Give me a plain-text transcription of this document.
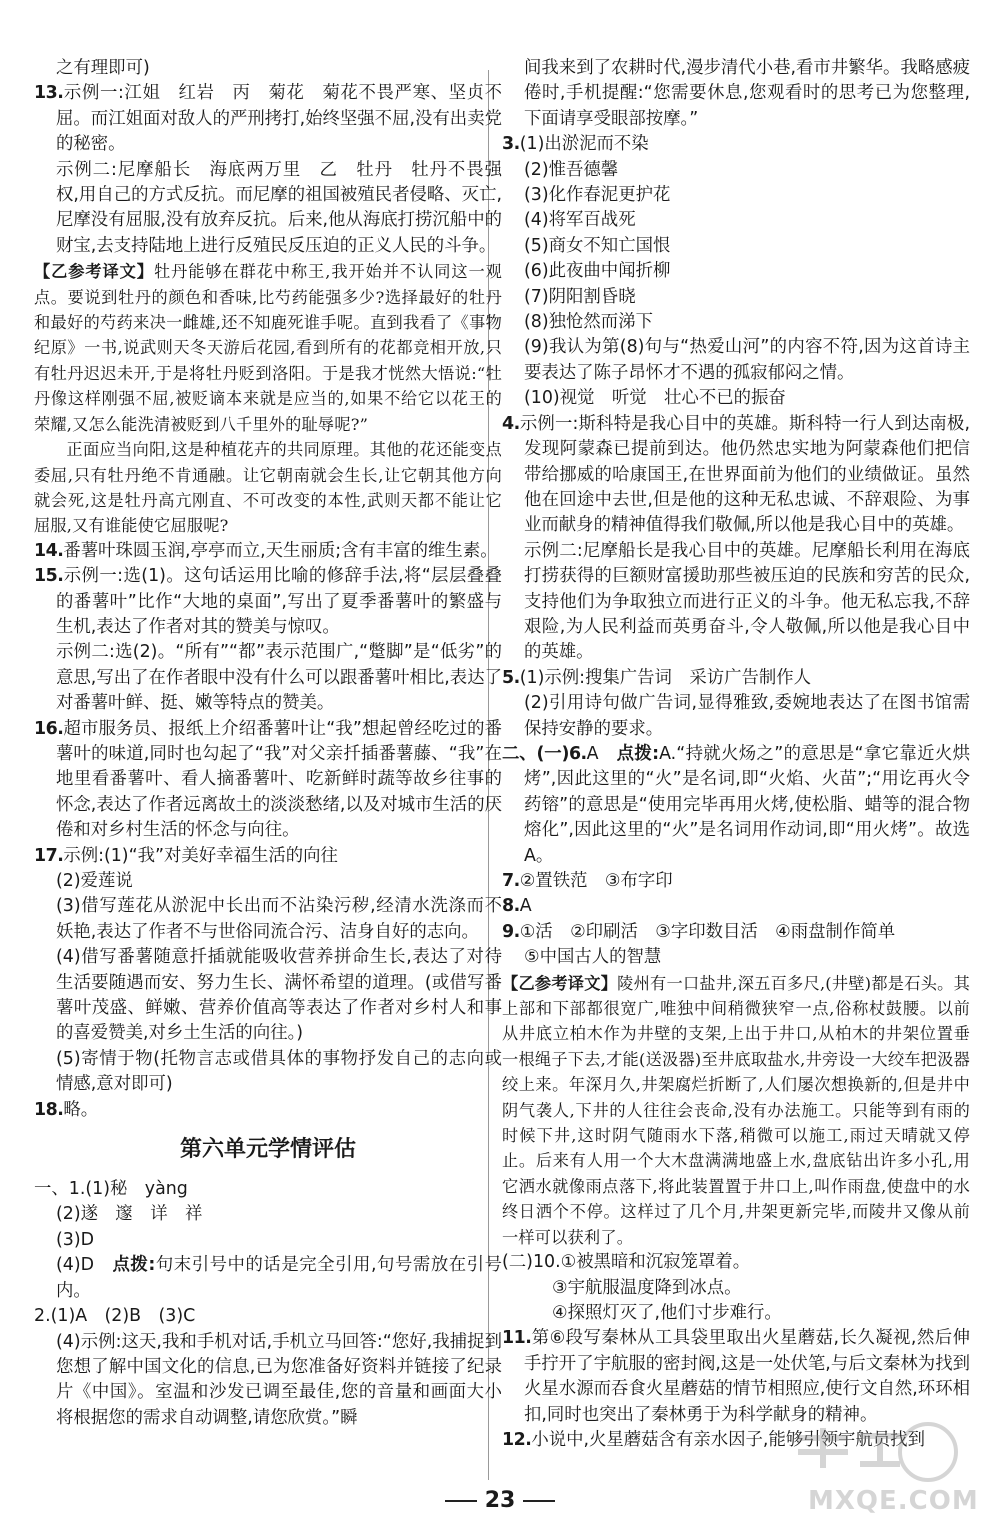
之有理即可)

13.示例一:江姐　红岩　丙　菊花　菊花不畏严寒、坚贞不屈。而江姐面对敌人的严刑拷打,始终坚强不屈,没有出卖党的秘密。

示例二:尼摩船长　海底两万里　乙　牡丹　牡丹不畏强权,用自己的方式反抗。而尼摩的祖国被殖民者侵略、灭亡,尼摩没有屈服,没有放弃反抗。后来,他从海底打捞沉船中的财宝,去支持陆地上进行反殖民反压迫的正义人民的斗争。

【乙参考译文】牡丹能够在群花中称王,我开始并不认同这一观点。要说到牡丹的颜色和香味,比芍药能强多少?选择最好的牡丹和最好的芍药来决一雌雄,还不知鹿死谁手呢。直到我看了《事物纪原》一书,说武则天冬天游后花园,看到所有的花都竞相开放,只有牡丹迟迟未开,于是将牡丹贬到洛阳。于是我才恍然大悟说:“牡丹像这样刚强不屈,被贬谪本来就是应当的,如果不给它以花王的荣耀,又怎么能洗清被贬到八千里外的耻辱呢?”

正面应当向阳,这是种植花卉的共同原理。其他的花还能变点委屈,只有牡丹绝不肯通融。让它朝南就会生长,让它朝其他方向就会死,这是牡丹高亢刚直、不可改变的本性,武则天都不能让它屈服,又有谁能使它屈服呢?

14.番薯叶珠圆玉润,亭亭而立,天生丽质;含有丰富的维生素。

15.示例一:选(1)。这句话运用比喻的修辞手法,将“层层叠叠的番薯叶”比作“大地的桌面”,写出了夏季番薯叶的繁盛与生机,表达了作者对其的赞美与惊叹。

示例二:选(2)。“所有”“都”表示范围广,“蹩脚”是“低劣”的意思,写出了在作者眼中没有什么可以跟番薯叶相比,表达了对番薯叶鲜、挺、嫩等特点的赞美。

16.超市服务员、报纸上介绍番薯叶让“我”想起曾经吃过的番薯叶的味道,同时也勾起了“我”对父亲扦插番薯藤、“我”在地里看番薯叶、看人摘番薯叶、吃新鲜时蔬等故乡往事的怀念,表达了作者远离故土的淡淡愁绪,以及对城市生活的厌倦和对乡村生活的怀念与向往。

17.示例:(1)“我”对美好幸福生活的向往

(2)爱莲说

(3)借写莲花从淤泥中长出而不沾染污秽,经清水洗涤而不妖艳,表达了作者不与世俗同流合污、洁身自好的志向。

(4)借写番薯随意扦插就能吸收营养拼命生长,表达了对待生活要随遇而安、努力生长、满怀希望的道理。(或借写番薯叶茂盛、鲜嫩、营养价值高等表达了作者对乡村人和事的喜爱赞美,对乡土生活的向往。)

(5)寄情于物(托物言志或借具体的事物抒发自己的志向或情感,意对即可)

18.略。

第六单元学情评估

一、1.(1)秘　yàng

(2)遂　邃　详　祥

(3)D

(4)D　点拨:句末引号中的话是完全引用,句号需放在引号内。

2.(1)A　(2)B　(3)C

(4)示例:这天,我和手机对话,手机立马回答:“您好,我捕捉到您想了解中国文化的信息,已为您准备好资料并链接了纪录片《中国》。室温和沙发已调至最佳,您的音量和画面大小将根据您的需求自动调整,请您欣赏。”瞬

间我来到了农耕时代,漫步清代小巷,看市井繁华。我略感疲倦时,手机提醒:“您需要休息,您观看时的思考已为您整理,下面请享受眼部按摩。”

3.(1)出淤泥而不染

(2)惟吾德馨

(3)化作春泥更护花

(4)将军百战死

(5)商女不知亡国恨

(6)此夜曲中闻折柳

(7)阴阳割昏晓

(8)独怆然而涕下

(9)我认为第(8)句与“热爱山河”的内容不符,因为这首诗主要表达了陈子昂怀才不遇的孤寂郁闷之情。

(10)视觉　听觉　壮心不已的振奋

4.示例一:斯科特是我心目中的英雄。斯科特一行人到达南极,发现阿蒙森已提前到达。他仍然忠实地为阿蒙森他们把信带给挪威的哈康国王,在世界面前为他们的业绩做证。虽然他在回途中去世,但是他的这种无私忠诚、不辞艰险、为事业而献身的精神值得我们敬佩,所以他是我心目中的英雄。

示例二:尼摩船长是我心目中的英雄。尼摩船长利用在海底打捞获得的巨额财富援助那些被压迫的民族和穷苦的民众,支持他们为争取独立而进行正义的斗争。他无私忘我,不辞艰险,为人民利益而英勇奋斗,令人敬佩,所以他是我心目中的英雄。

5.(1)示例:搜集广告词　采访广告制作人

(2)引用诗句做广告词,显得雅致,委婉地表达了在图书馆需保持安静的要求。

二、(一)6.A　点拨:A.“持就火炀之”的意思是“拿它靠近火烘烤”,因此这里的“火”是名词,即“火焰、火苗”;“用讫再火令药镕”的意思是“使用完毕再用火烤,使松脂、蜡等的混合物熔化”,因此这里的“火”是名词用作动词,即“用火烤”。故选A。

7.②置铁范　③布字印

8.A

9.①活　②印刷活　③字印数目活　④雨盘制作简单

⑤中国古人的智慧

【乙参考译文】陵州有一口盐井,深五百多尺,(井壁)都是石头。其上部和下部都很宽广,唯独中间稍微狭窄一点,俗称杖鼓腰。以前从井底立柏木作为井壁的支架,上出于井口,从柏木的井架位置垂一根绳子下去,才能(送汲器)至井底取盐水,井旁设一大绞车把汲器绞上来。年深月久,井架腐烂折断了,人们屡次想换新的,但是井中阴气袭人,下井的人往往会丧命,没有办法施工。只能等到有雨的时候下井,这时阴气随雨水下落,稍微可以施工,雨过天晴就又停止。后来有人用一个大木盘满满地盛上水,盘底钻出许多小孔,用它洒水就像雨点落下,将此装置置于井口上,叫作雨盘,使盘中的水终日洒个不停。这样过了几个月,井架更新完毕,而陵井又像从前一样可以获利了。

(二)10.①被黑暗和沉寂笼罩着。

③宇航服温度降到冰点。

④探照灯灭了,他们寸步难行。

11.第⑥段写秦林从工具袋里取出火星蘑菇,长久凝视,然后伸手拧开了宇航服的密封阀,这是一处伏笔,与后文秦林为找到火星水源而吞食火星蘑菇的情节相照应,使行文自然,环环相扣,同时也突出了秦林勇于为科学献身的精神。

12.小说中,火星蘑菇含有亲水因子,能够引领宇航员找到

23	MXQE.COM
